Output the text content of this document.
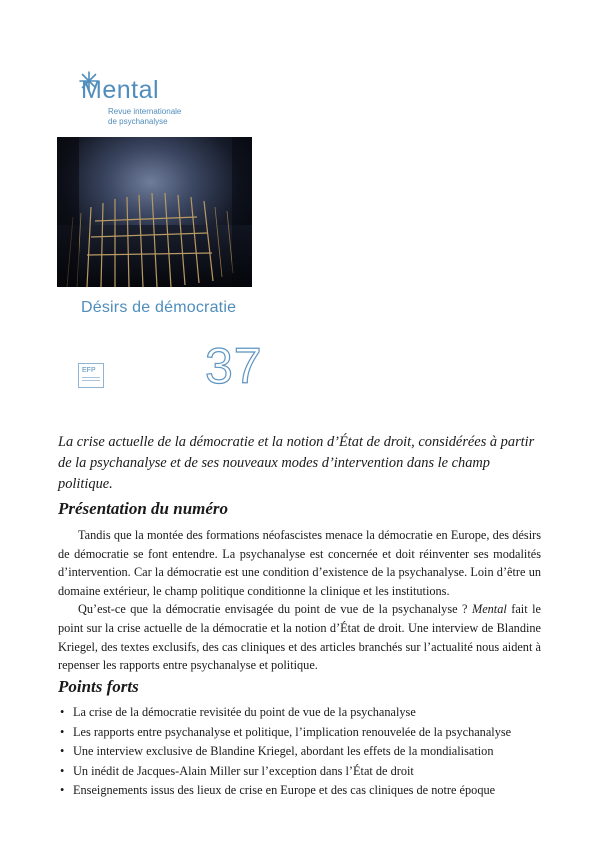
Mental
Revue internationale
de psychanalyse
Désirs de démocratie
EFP 37
La crise actuelle de la démocratie et la notion d’État de droit, considérées à partir de la psychanalyse et de ses nouveaux modes d’intervention dans le champ politique.
Présentation du numéro

Tandis que la montée des formations néofascistes menace la démocratie en Europe, des désirs de démocratie se font entendre. La psychanalyse est concernée et doit réinventer ses modalités d’intervention. Car la démocratie est une condition d’existence de la psychanalyse. Loin d’être un domaine extérieur, le champ politique conditionne la clinique et les institutions.

Qu’est-ce que la démocratie envisagée du point de vue de la psychanalyse ? Mental fait le point sur la crise actuelle de la démocratie et la notion d’État de droit. Une interview de Blandine Kriegel, des textes exclusifs, des cas cliniques et des articles branchés sur l’actualité nous aident à repenser les rapports entre psychanalyse et politique.

Points forts
• La crise de la démocratie revisitée du point de vue de la psychanalyse
• Les rapports entre psychanalyse et politique, l’implication renouvelée de la psychanalyse
• Une interview exclusive de Blandine Kriegel, abordant les effets de la mondialisation
• Un inédit de Jacques-Alain Miller sur l’exception dans l’État de droit
• Enseignements issus des lieux de crise en Europe et des cas cliniques de notre époque
